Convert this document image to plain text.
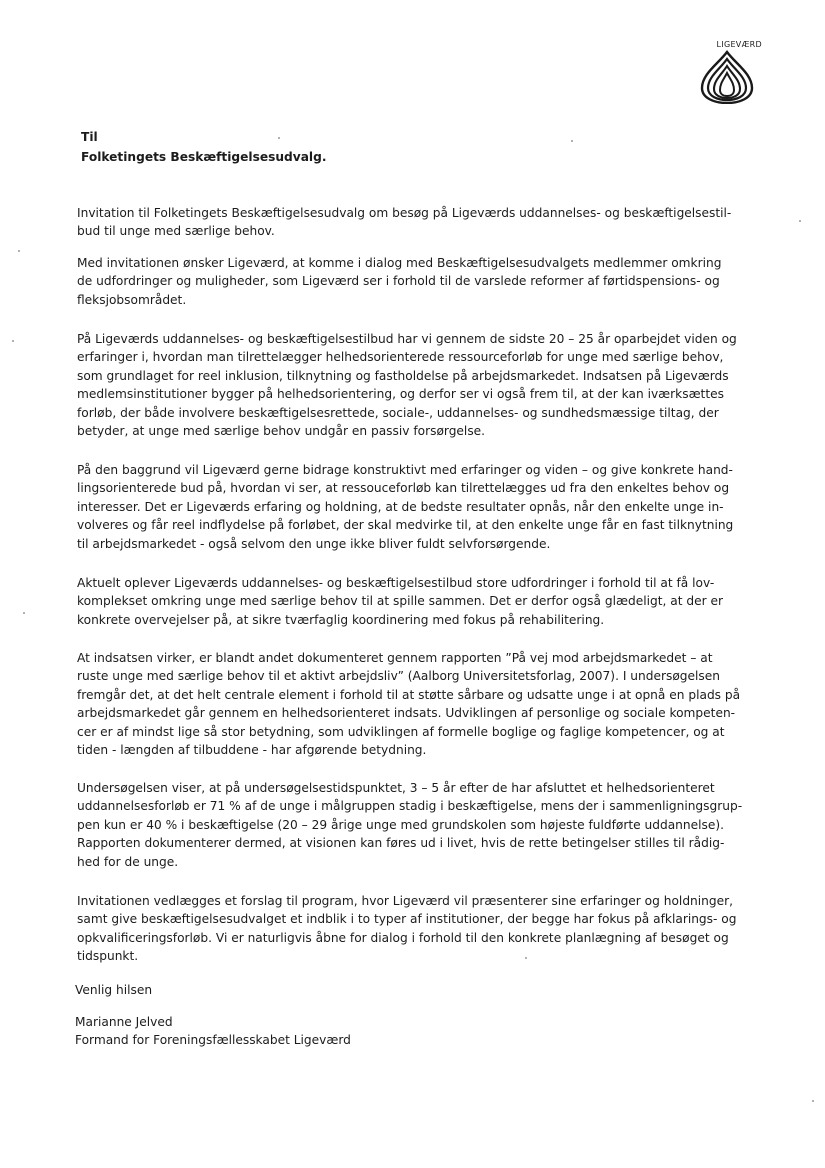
LIGEVÆRD
Til
Folketingets Beskæftigelsesudvalg.
Invitation til Folketingets Beskæftigelsesudvalg om besøg på Ligeværds uddannelses- og beskæftigelsestil-
bud til unge med særlige behov.
Med invitationen ønsker Ligeværd, at komme i dialog med Beskæftigelsesudvalgets medlemmer omkring
de udfordringer og muligheder, som Ligeværd ser i forhold til de varslede reformer af førtidspensions- og
fleksjobsområdet.
På Ligeværds uddannelses- og beskæftigelsestilbud har vi gennem de sidste 20 – 25 år oparbejdet viden og
erfaringer i, hvordan man tilrettelægger helhedsorienterede ressourceforløb for unge med særlige behov,
som grundlaget for reel inklusion, tilknytning og fastholdelse på arbejdsmarkedet. Indsatsen på Ligeværds
medlemsinstitutioner bygger på helhedsorientering, og derfor ser vi også frem til, at der kan iværksættes
forløb, der både involvere beskæftigelsesrettede, sociale-, uddannelses- og sundhedsmæssige tiltag, der
betyder, at unge med særlige behov undgår en passiv forsørgelse.
På den baggrund vil Ligeværd gerne bidrage konstruktivt med erfaringer og viden – og give konkrete hand-
lingsorienterede bud på, hvordan vi ser, at ressouceforløb kan tilrettelægges ud fra den enkeltes behov og
interesser. Det er Ligeværds erfaring og holdning, at de bedste resultater opnås, når den enkelte unge in-
volveres og får reel indflydelse på forløbet, der skal medvirke til, at den enkelte unge får en fast tilknytning
til arbejdsmarkedet - også selvom den unge ikke bliver fuldt selvforsørgende.
Aktuelt oplever Ligeværds uddannelses- og beskæftigelsestilbud store udfordringer i forhold til at få lov-
komplekset omkring unge med særlige behov til at spille sammen. Det er derfor også glædeligt, at der er
konkrete overvejelser på, at sikre tværfaglig koordinering med fokus på rehabilitering.
At indsatsen virker, er blandt andet dokumenteret gennem rapporten ”På vej mod arbejdsmarkedet – at
ruste unge med særlige behov til et aktivt arbejdsliv” (Aalborg Universitetsforlag, 2007). I undersøgelsen
fremgår det, at det helt centrale element i forhold til at støtte sårbare og udsatte unge i at opnå en plads på
arbejdsmarkedet går gennem en helhedsorienteret indsats. Udviklingen af personlige og sociale kompeten-
cer er af mindst lige så stor betydning, som udviklingen af formelle boglige og faglige kompetencer, og at
tiden - længden af tilbuddene - har afgørende betydning.
Undersøgelsen viser, at på undersøgelsestidspunktet, 3 – 5 år efter de har afsluttet et helhedsorienteret
uddannelsesforløb er 71 % af de unge i målgruppen stadig i beskæftigelse, mens der i sammenligningsgrup-
pen kun er 40 % i beskæftigelse (20 – 29 årige unge med grundskolen som højeste fuldførte uddannelse).
Rapporten dokumenterer dermed, at visionen kan føres ud i livet, hvis de rette betingelser stilles til rådig-
hed for de unge.
Invitationen vedlægges et forslag til program, hvor Ligeværd vil præsenterer sine erfaringer og holdninger,
samt give beskæftigelsesudvalget et indblik i to typer af institutioner, der begge har fokus på afklarings- og
opkvalificeringsforløb. Vi er naturligvis åbne for dialog i forhold til den konkrete planlægning af besøget og
tidspunkt.
Venlig hilsen
Marianne Jelved
Formand for Foreningsfællesskabet Ligeværd
